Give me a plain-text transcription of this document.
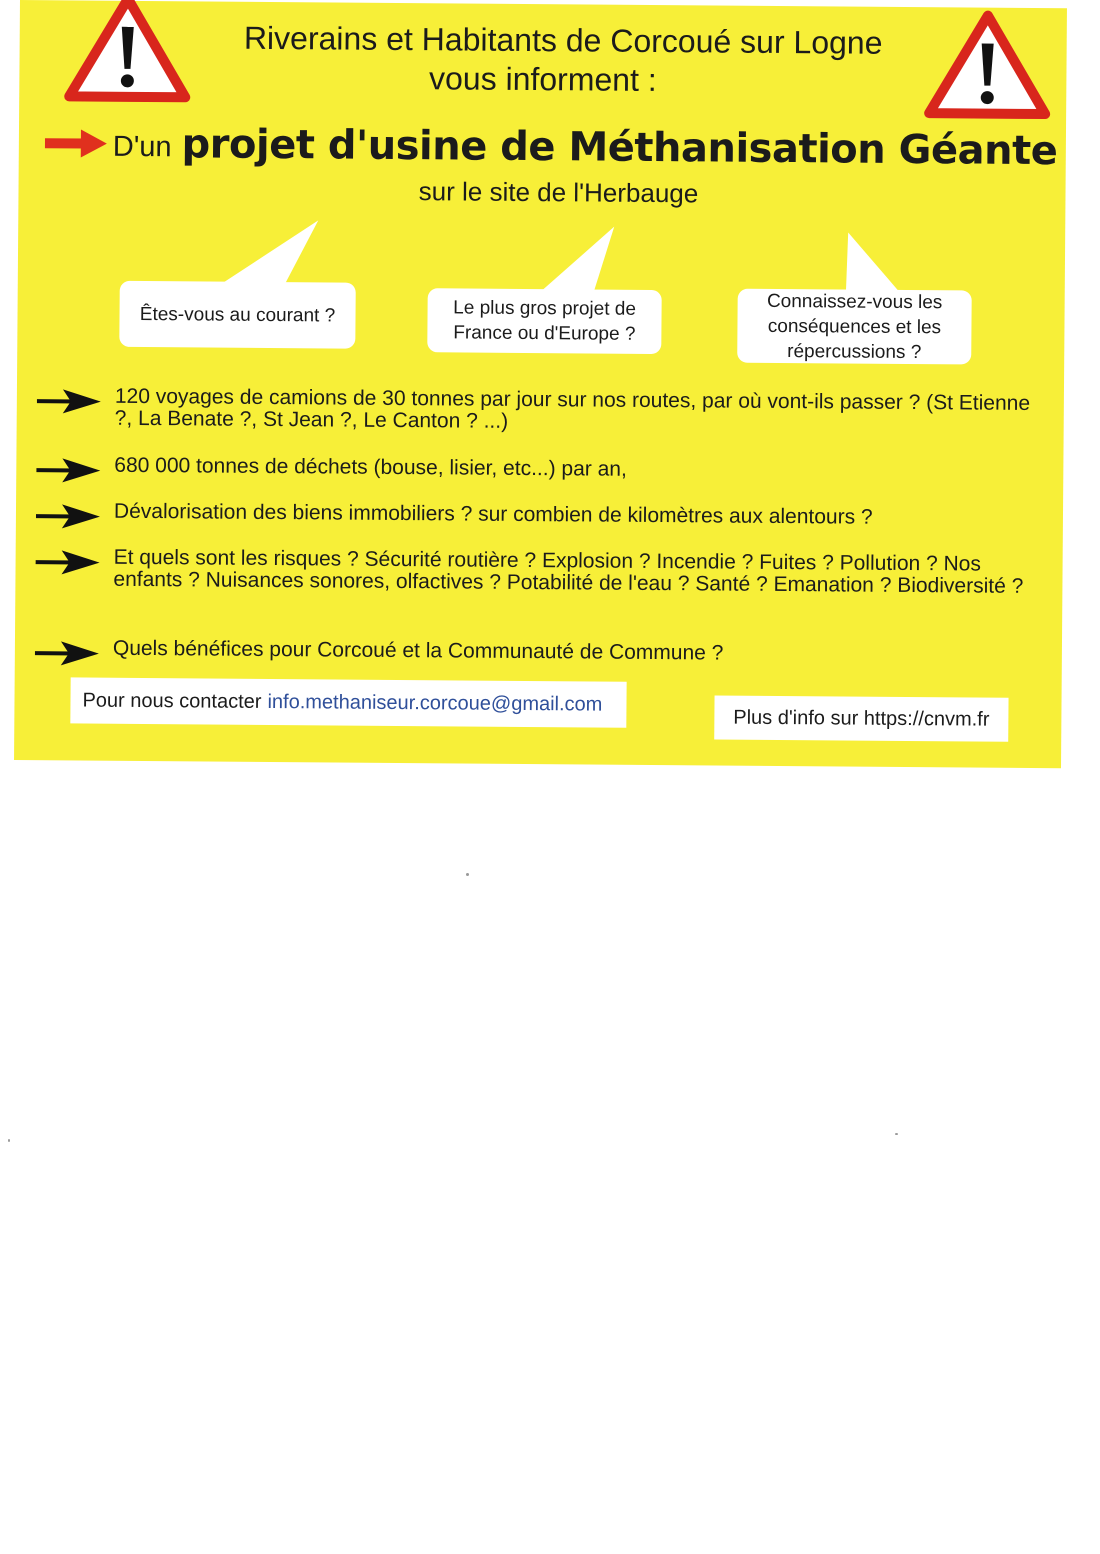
Riverains et Habitants de Corcoué sur Logne
vous informent :
D'un projet d'usine de Méthanisation Géante
sur le site de l'Herbauge
Êtes-vous au courant ?	Le plus gros projet de France ou d'Europe ?
Connaissez-vous les conséquences et les répercussions ?
120 voyages de camions de 30 tonnes par jour sur nos routes, par où vont-ils passer ? (St Etienne ?, La Benate ?, St Jean ?, Le Canton ? ...)
680 000 tonnes de déchets (bouse, lisier, etc...) par an,
Dévalorisation des biens immobiliers ? sur combien de kilomètres aux alentours ?
Et quels sont les risques ? Sécurité routière ? Explosion ? Incendie ? Fuites ? Pollution ? Nos enfants ? Nuisances sonores, olfactives ? Potabilité de l'eau ? Santé ? Emanation ? Biodiversité ?
Quels bénéfices pour Corcoué et la Communauté de Commune ?
Pour nous contacter info.methaniseur.corcoue@gmail.com
Plus d'info sur https://cnvm.fr
